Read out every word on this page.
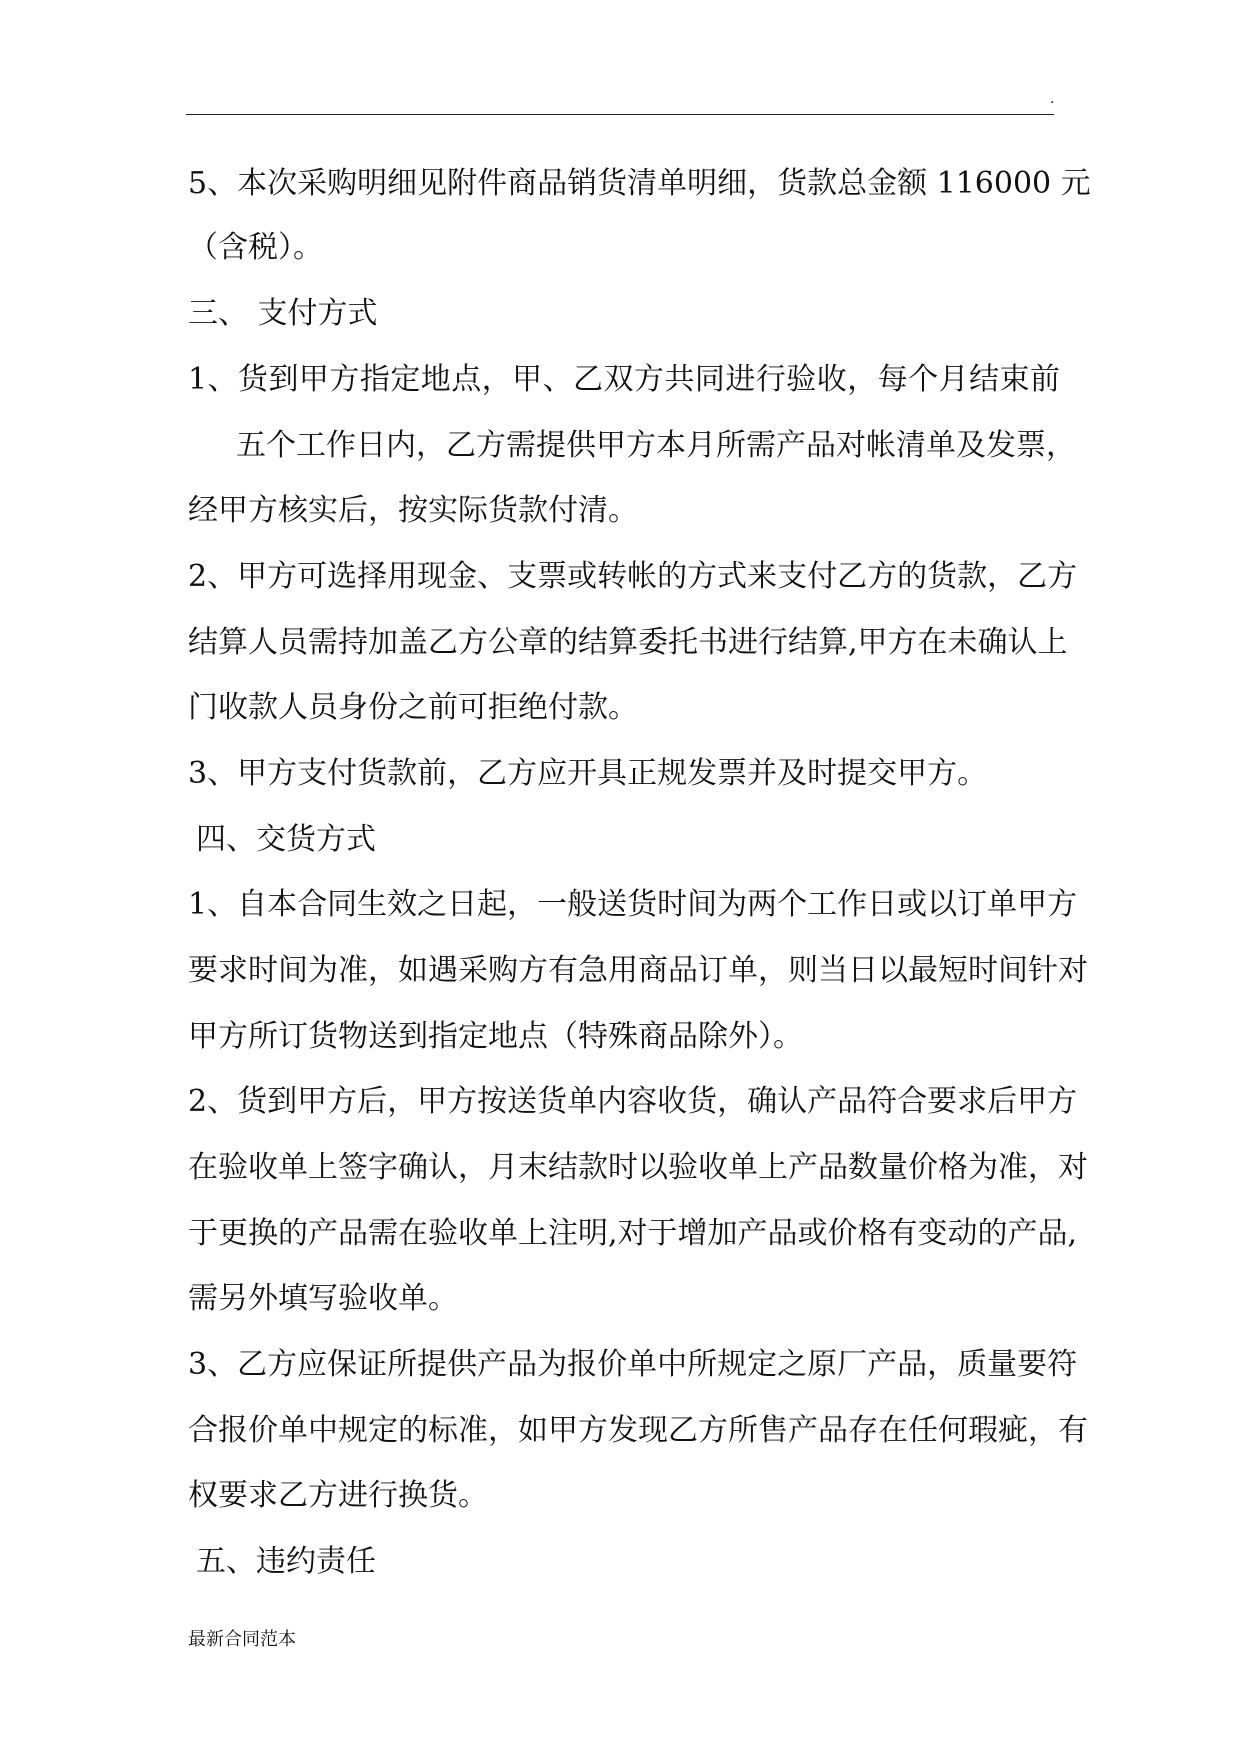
.
5、本次采购明细见附件商品销货清单明细，货款总金额 116000 元
（含税）。
三、 支付方式
1、货到甲方指定地点，甲、乙双方共同进行验收，每个月结束前
五个工作日内，乙方需提供甲方本月所需产品对帐清单及发票，
经甲方核实后，按实际货款付清。
2、甲方可选择用现金、支票或转帐的方式来支付乙方的货款，乙方
结算人员需持加盖乙方公章的结算委托书进行结算,甲方在未确认上
门收款人员身份之前可拒绝付款。
3、甲方支付货款前，乙方应开具正规发票并及时提交甲方。
四、交货方式
1、自本合同生效之日起，一般送货时间为两个工作日或以订单甲方
要求时间为准，如遇采购方有急用商品订单，则当日以最短时间针对
甲方所订货物送到指定地点（特殊商品除外）。
2、货到甲方后，甲方按送货单内容收货，确认产品符合要求后甲方
在验收单上签字确认，月末结款时以验收单上产品数量价格为准，对
于更换的产品需在验收单上注明,对于增加产品或价格有变动的产品,
需另外填写验收单。
3、乙方应保证所提供产品为报价单中所规定之原厂产品，质量要符
合报价单中规定的标准，如甲方发现乙方所售产品存在任何瑕疵，有
权要求乙方进行换货。
五、违约责任
最新合同范本
